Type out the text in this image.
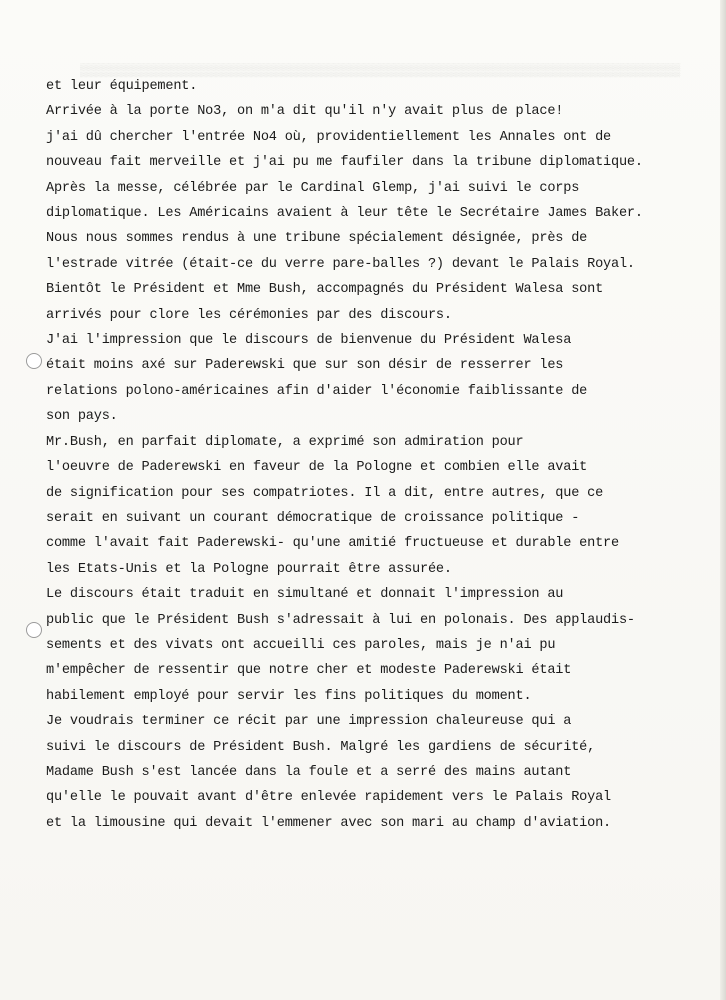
▒▒▒▒▒▒▒▒▒▒▒▒▒▒▒▒▒▒▒▒▒▒▒▒▒▒▒▒▒▒▒▒▒▒▒▒▒▒▒▒▒▒▒▒▒▒▒▒▒▒▒▒▒▒▒▒▒▒▒▒▒▒▒▒▒▒▒▒▒▒▒▒▒▒▒▒▒▒▒▒
et leur équipement.
Arrivée à la porte No3, on m'a dit qu'il n'y avait plus de place!
j'ai dû chercher l'entrée No4 où, providentiellement les Annales ont de
nouveau fait merveille et j'ai pu me faufiler dans la tribune diplomatique.
Après la messe, célébrée par le Cardinal Glemp, j'ai suivi le corps
diplomatique. Les Américains avaient à leur tête le Secrétaire James Baker.
Nous nous sommes rendus à une tribune spécialement désignée, près de
l'estrade vitrée (était-ce du verre pare-balles ?) devant le Palais Royal.
Bientôt le Président et Mme Bush, accompagnés du Président Walesa sont
arrivés pour clore les cérémonies par des discours.
J'ai l'impression que le discours de bienvenue du Président Walesa
était moins axé sur Paderewski que sur son désir de resserrer les
relations polono-américaines afin d'aider l'économie faiblissante de
son pays.
Mr.Bush, en parfait diplomate, a exprimé son admiration pour
l'oeuvre de Paderewski en faveur de la Pologne et combien elle avait
de signification pour ses compatriotes. Il a dit, entre autres, que ce
serait en suivant un courant démocratique de croissance politique -
comme l'avait fait Paderewski- qu'une amitié fructueuse et durable entre
les Etats-Unis et la Pologne pourrait être assurée.
Le discours était traduit en simultané et donnait l'impression au
public que le Président Bush s'adressait à lui en polonais. Des applaudis-
sements et des vivats ont accueilli ces paroles, mais je n'ai pu
m'empêcher de ressentir que notre cher et modeste Paderewski était
habilement employé pour servir les fins politiques du moment.
Je voudrais terminer ce récit par une impression chaleureuse qui a
suivi le discours de Président Bush. Malgré les gardiens de sécurité,
Madame Bush s'est lancée dans la foule et a serré des mains autant
qu'elle le pouvait avant d'être enlevée rapidement vers le Palais Royal
et la limousine qui devait l'emmener avec son mari au champ d'aviation.
